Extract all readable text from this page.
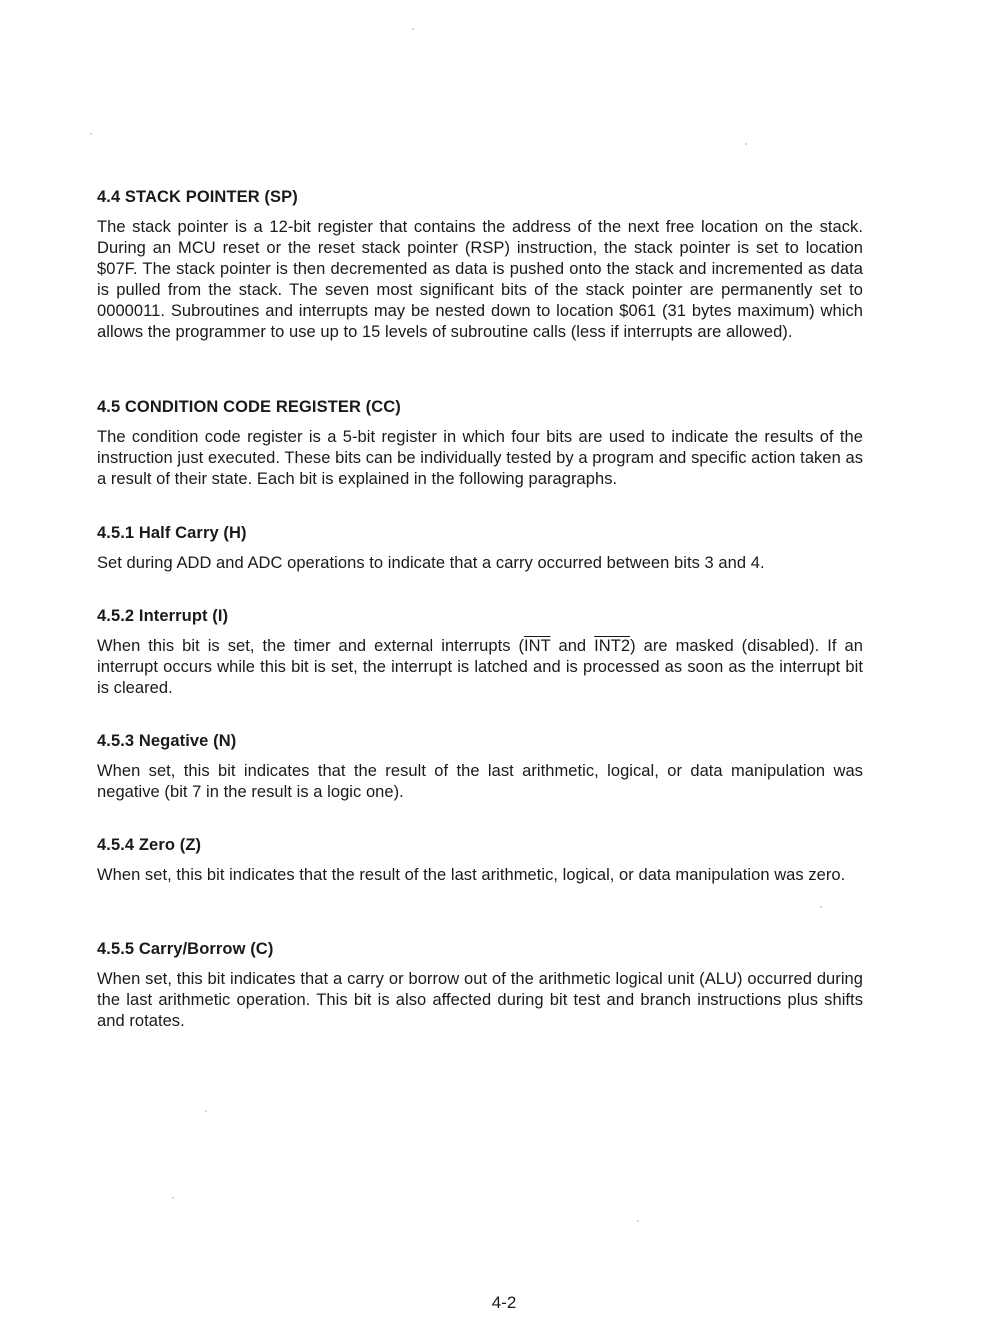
4.4 STACK POINTER (SP)

The stack pointer is a 12-bit register that contains the address of the next free location on the stack. During an MCU reset or the reset stack pointer (RSP) instruction, the stack pointer is set to location $07F. The stack pointer is then decremented as data is pushed onto the stack and incremented as data is pulled from the stack. The seven most significant bits of the stack pointer are permanently set to 0000011. Subroutines and interrupts may be nested down to location $061 (31 bytes maximum) which allows the programmer to use up to 15 levels of subroutine calls (less if interrupts are allowed).

4.5 CONDITION CODE REGISTER (CC)

The condition code register is a 5-bit register in which four bits are used to indicate the results of the instruction just executed. These bits can be individually tested by a program and specific action taken as a result of their state. Each bit is explained in the following paragraphs.

4.5.1 Half Carry (H)

Set during ADD and ADC operations to indicate that a carry occurred between bits 3 and 4.

4.5.2 Interrupt (I)

When this bit is set, the timer and external interrupts ($\overline{INT}$ and INT2) are masked (disabled). If an interrupt occurs while this bit is set, the interrupt is latched and is processed as soon as the interrupt bit is cleared.

4.5.3 Negative (N)

When set, this bit indicates that the result of the last arithmetic, logical, or data manipulation was negative (bit 7 in the result is a logic one).

4.5.4 Zero (Z)

When set, this bit indicates that the result of the last arithmetic, logical, or data manipulation was zero.

4.5.5 Carry/Borrow (C)

When set, this bit indicates that a carry or borrow out of the arithmetic logical unit (ALU) occurred during the last arithmetic operation. This bit is also affected during bit test and branch instructions plus shifts and rotates.

4-2
